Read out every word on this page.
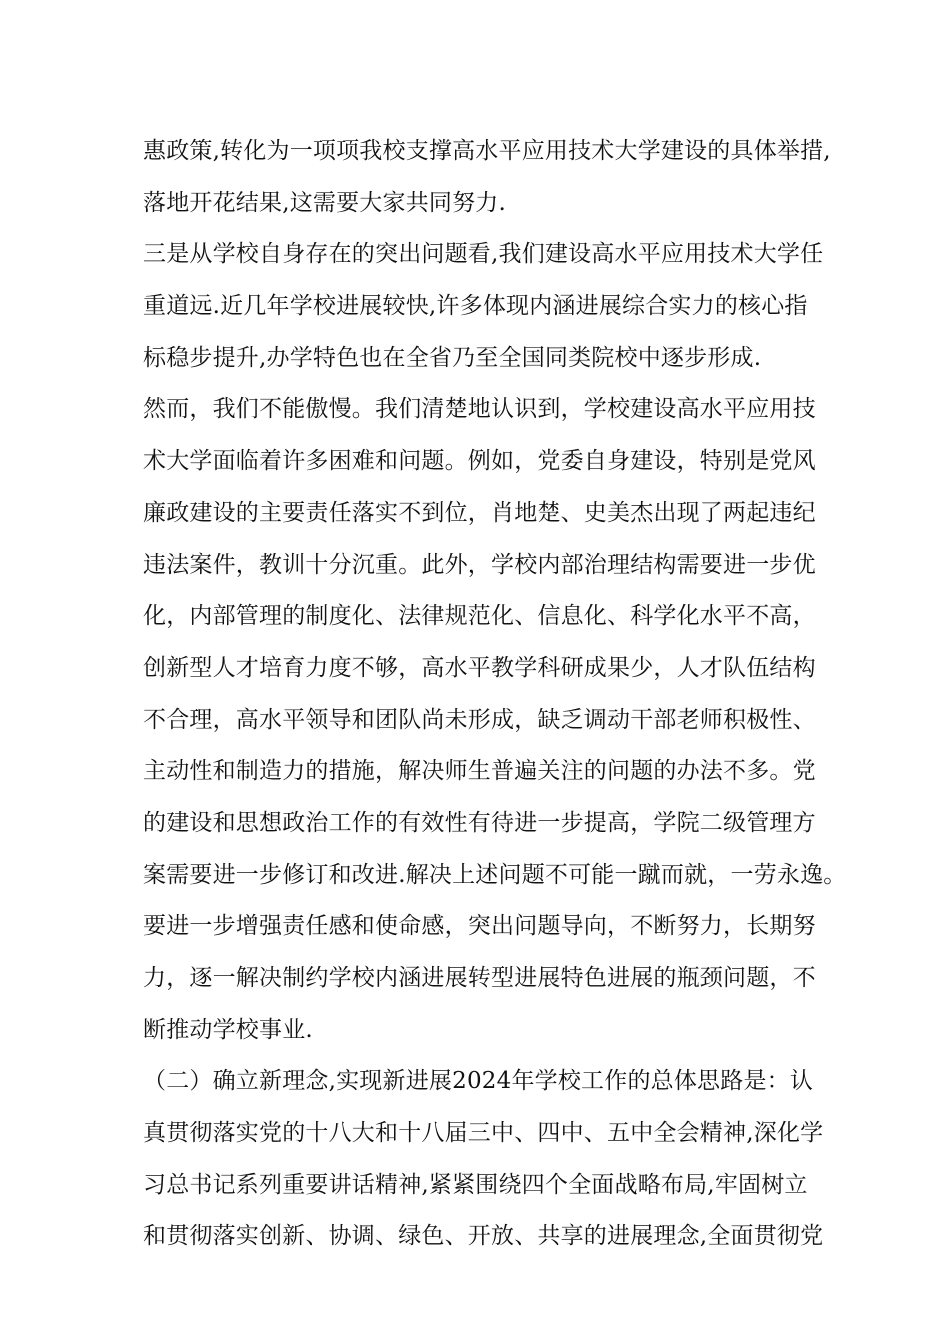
惠政策,转化为一项项我校支撑高水平应用技术大学建设的具体举措,
落地开花结果,这需要大家共同努力.
三是从学校自身存在的突出问题看,我们建设高水平应用技术大学任
重道远.近几年学校进展较快,许多体现内涵进展综合实力的核心指
标稳步提升,办学特色也在全省乃至全国同类院校中逐步形成.
然而，我们不能傲慢。我们清楚地认识到，学校建设高水平应用技
术大学面临着许多困难和问题。例如，党委自身建设，特别是党风
廉政建设的主要责任落实不到位，肖地楚、史美杰出现了两起违纪
违法案件，教训十分沉重。此外，学校内部治理结构需要进一步优
化，内部管理的制度化、法律规范化、信息化、科学化水平不高，
创新型人才培育力度不够，高水平教学科研成果少，人才队伍结构
不合理，高水平领导和团队尚未形成，缺乏调动干部老师积极性、
主动性和制造力的措施，解决师生普遍关注的问题的办法不多。党
的建设和思想政治工作的有效性有待进一步提高，学院二级管理方
案需要进一步修订和改进.解决上述问题不可能一蹴而就，一劳永逸。
要进一步增强责任感和使命感，突出问题导向，不断努力，长期努
力，逐一解决制约学校内涵进展转型进展特色进展的瓶颈问题，不
断推动学校事业.
（二）确立新理念,实现新进展2024年学校工作的总体思路是：认
真贯彻落实党的十八大和十八届三中、四中、五中全会精神,深化学
习总书记系列重要讲话精神,紧紧围绕四个全面战略布局,牢固树立
和贯彻落实创新、协调、绿色、开放、共享的进展理念,全面贯彻党
